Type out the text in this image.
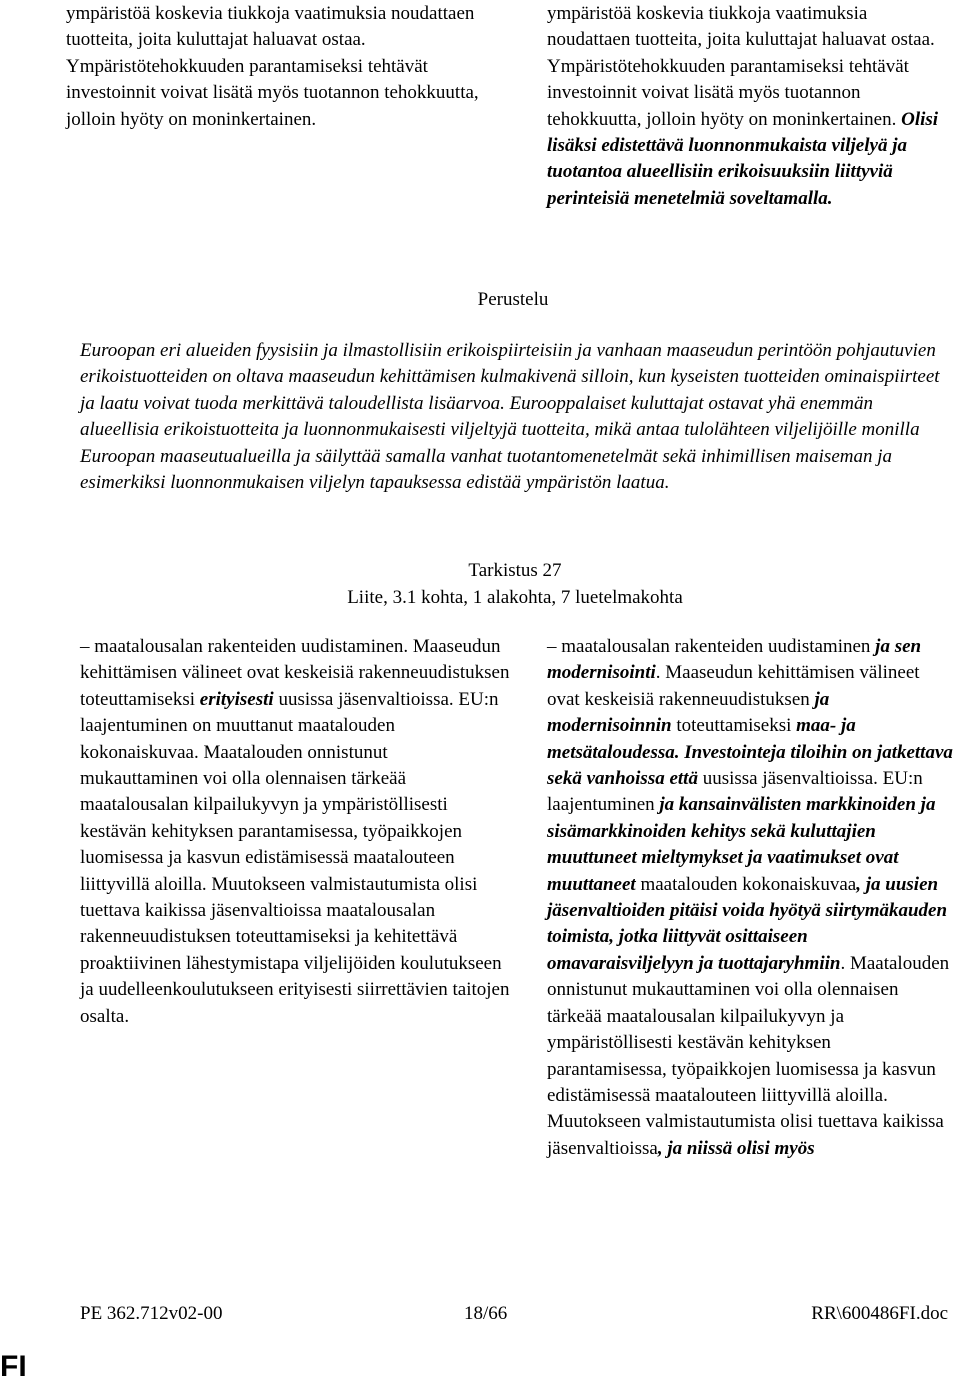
ympäristöä koskevia tiukkoja vaatimuksia noudattaen tuotteita, joita kuluttajat haluavat ostaa. Ympäristötehokkuuden parantamiseksi tehtävät investoinnit voivat lisätä myös tuotannon tehokkuutta, jolloin hyöty on moninkertainen.

ympäristöä koskevia tiukkoja vaatimuksia noudattaen tuotteita, joita kuluttajat haluavat ostaa. Ympäristötehokkuuden parantamiseksi tehtävät investoinnit voivat lisätä myös tuotannon tehokkuutta, jolloin hyöty on moninkertainen. Olisi lisäksi edistettävä luonnonmukaista viljelyä ja tuotantoa alueellisiin erikoisuuksiin liittyviä perinteisiä menetelmiä soveltamalla.

Perustelu
Euroopan eri alueiden fyysisiin ja ilmastollisiin erikoispiirteisiin ja vanhaan maaseudun perintöön pohjautuvien erikoistuotteiden on oltava maaseudun kehittämisen kulmakivenä silloin, kun kyseisten tuotteiden ominaispiirteet ja laatu voivat tuoda merkittävä taloudellista lisäarvoa. Eurooppalaiset kuluttajat ostavat yhä enemmän alueellisia erikoistuotteita ja luonnonmukaisesti viljeltyjä tuotteita, mikä antaa tulolähteen viljelijöille monilla Euroopan maaseutualueilla ja säilyttää samalla vanhat tuotantomenetelmät sekä inhimillisen maiseman ja esimerkiksi luonnonmukaisen viljelyn tapauksessa edistää ympäristön laatua.
Tarkistus 27
Liite, 3.1 kohta, 1 alakohta, 7 luetelmakohta

– maatalousalan rakenteiden uudistaminen. Maaseudun kehittämisen välineet ovat keskeisiä rakenneuudistuksen toteuttamiseksi erityisesti uusissa jäsenvaltioissa. EU:n laajentuminen on muuttanut maatalouden kokonaiskuvaa. Maatalouden onnistunut mukauttaminen voi olla olennaisen tärkeää maatalousalan kilpailukyvyn ja ympäristöllisesti kestävän kehityksen parantamisessa, työpaikkojen luomisessa ja kasvun edistämisessä maatalouteen liittyvillä aloilla. Muutokseen valmistautumista olisi tuettava kaikissa jäsenvaltioissa maatalousalan rakenneuudistuksen toteuttamiseksi ja kehitettävä proaktiivinen lähestymistapa viljelijöiden koulutukseen ja uudelleenkoulutukseen erityisesti siirrettävien taitojen osalta.

– maatalousalan rakenteiden uudistaminen ja sen modernisointi. Maaseudun kehittämisen välineet ovat keskeisiä rakenneuudistuksen ja modernisoinnin toteuttamiseksi maa- ja metsätaloudessa. Investointeja tiloihin on jatkettava sekä vanhoissa että uusissa jäsenvaltioissa. EU:n laajentuminen ja kansainvälisten markkinoiden ja sisämarkkinoiden kehitys sekä kuluttajien muuttuneet mieltymykset ja vaatimukset ovat muuttaneet maatalouden kokonaiskuvaa, ja uusien jäsenvaltioiden pitäisi voida hyötyä siirtymäkauden toimista, jotka liittyvät osittaiseen omavaraisviljelyyn ja tuottajaryhmiin. Maatalouden onnistunut mukauttaminen voi olla olennaisen tärkeää maatalousalan kilpailukyvyn ja ympäristöllisesti kestävän kehityksen parantamisessa, työpaikkojen luomisessa ja kasvun edistämisessä maatalouteen liittyvillä aloilla. Muutokseen valmistautumista olisi tuettava kaikissa jäsenvaltioissa, ja niissä olisi myös

PE 362.712v02-00	18/66	RR\600486FI.doc
FI
